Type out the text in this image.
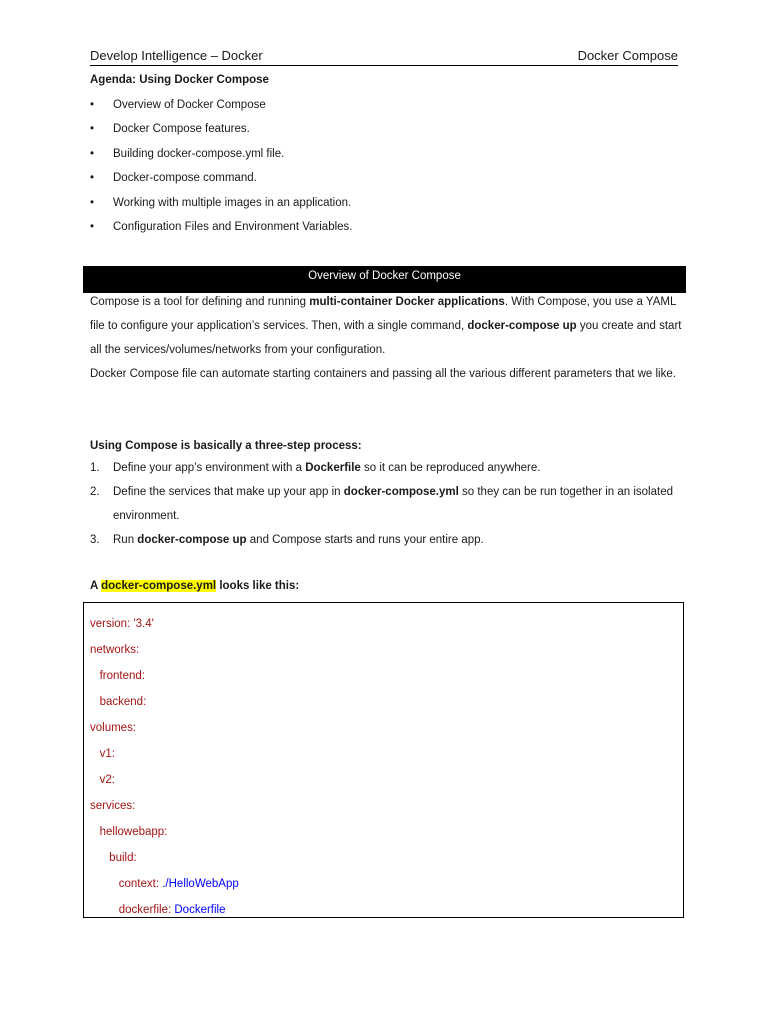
Develop Intelligence – Docker	Docker Compose
Agenda: Using Docker Compose
• Overview of Docker Compose
• Docker Compose features.
• Building docker-compose.yml file.
• Docker-compose command.
• Working with multiple images in an application.
• Configuration Files and Environment Variables.
Overview of Docker Compose
Compose is a tool for defining and running multi-container Docker applications. With Compose, you use a YAML file to configure your application’s services. Then, with a single command, docker-compose up you create and start all the services/volumes/networks from your configuration.
Docker Compose file can automate starting containers and passing all the various different parameters that we like.
Using Compose is basically a three-step process:
1. Define your app’s environment with a Dockerfile so it can be reproduced anywhere.
2. Define the services that make up your app in docker-compose.yml so they can be run together in an isolated environment.
3. Run docker-compose up and Compose starts and runs your entire app.
A docker-compose.yml looks like this:
version: '3.4'
networks:
frontend:
backend:
volumes:
v1:
v2:
services:
hellowebapp:
build:
context: ./HelloWebApp
dockerfile: Dockerfile
